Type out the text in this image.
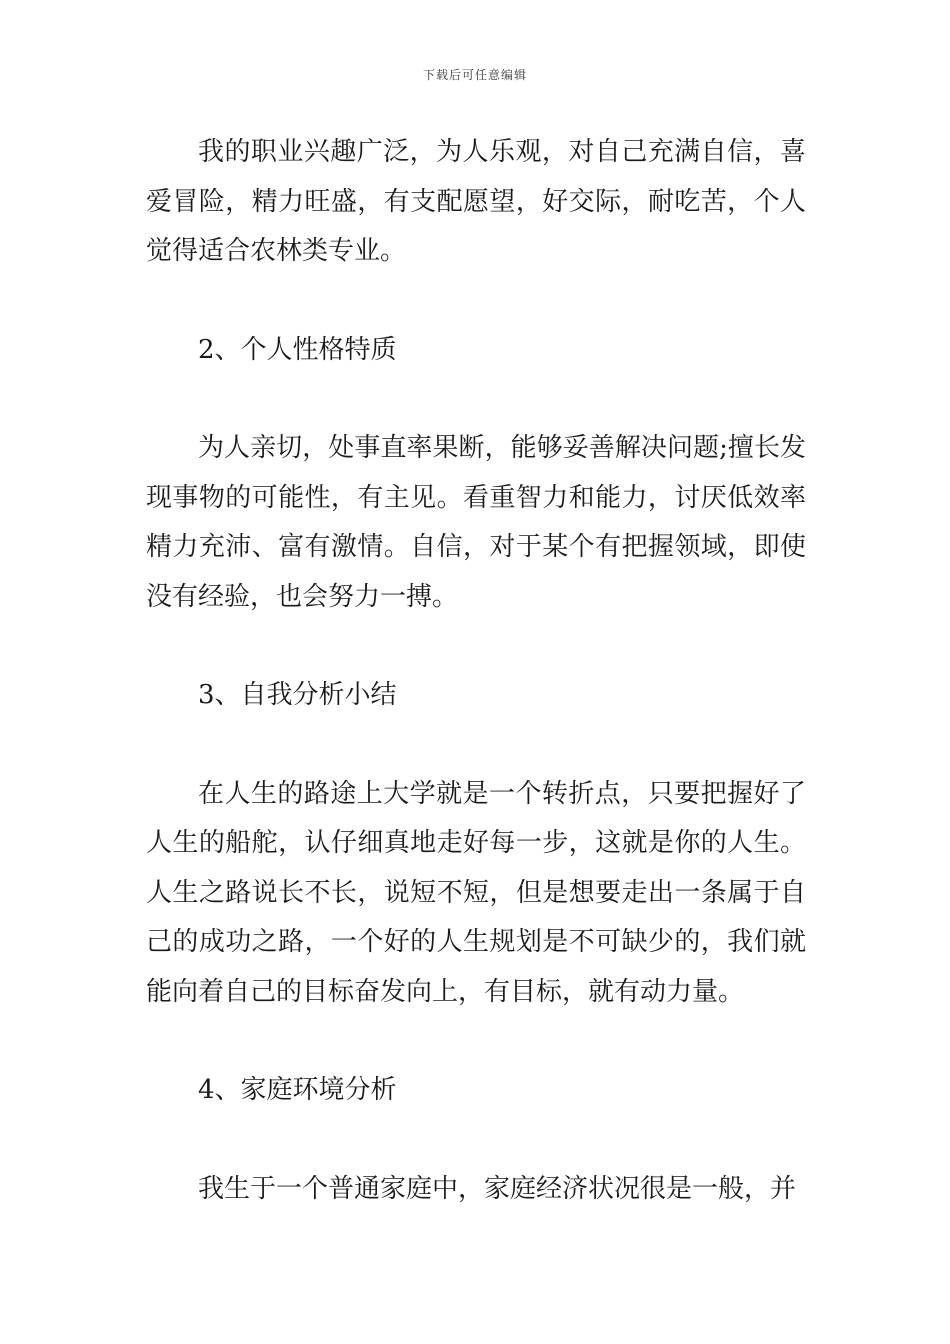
下载后可任意编辑

我的职业兴趣广泛，为人乐观，对自己充满自信，喜爱冒险，精力旺盛，有支配愿望，好交际，耐吃苦，个人觉得适合农林类专业。

2、个人性格特质

为人亲切，处事直率果断，能够妥善解决问题;擅长发现事物的可能性，有主见。看重智力和能力，讨厌低效率精力充沛、富有激情。自信，对于某个有把握领域，即使没有经验，也会努力一搏。

3、自我分析小结

在人生的路途上大学就是一个转折点，只要把握好了人生的船舵，认仔细真地走好每一步，这就是你的人生。人生之路说长不长，说短不短，但是想要走出一条属于自己的成功之路，一个好的人生规划是不可缺少的，我们就能向着自己的目标奋发向上，有目标，就有动力量。

4、家庭环境分析

我生于一个普通家庭中，家庭经济状况很是一般，并
